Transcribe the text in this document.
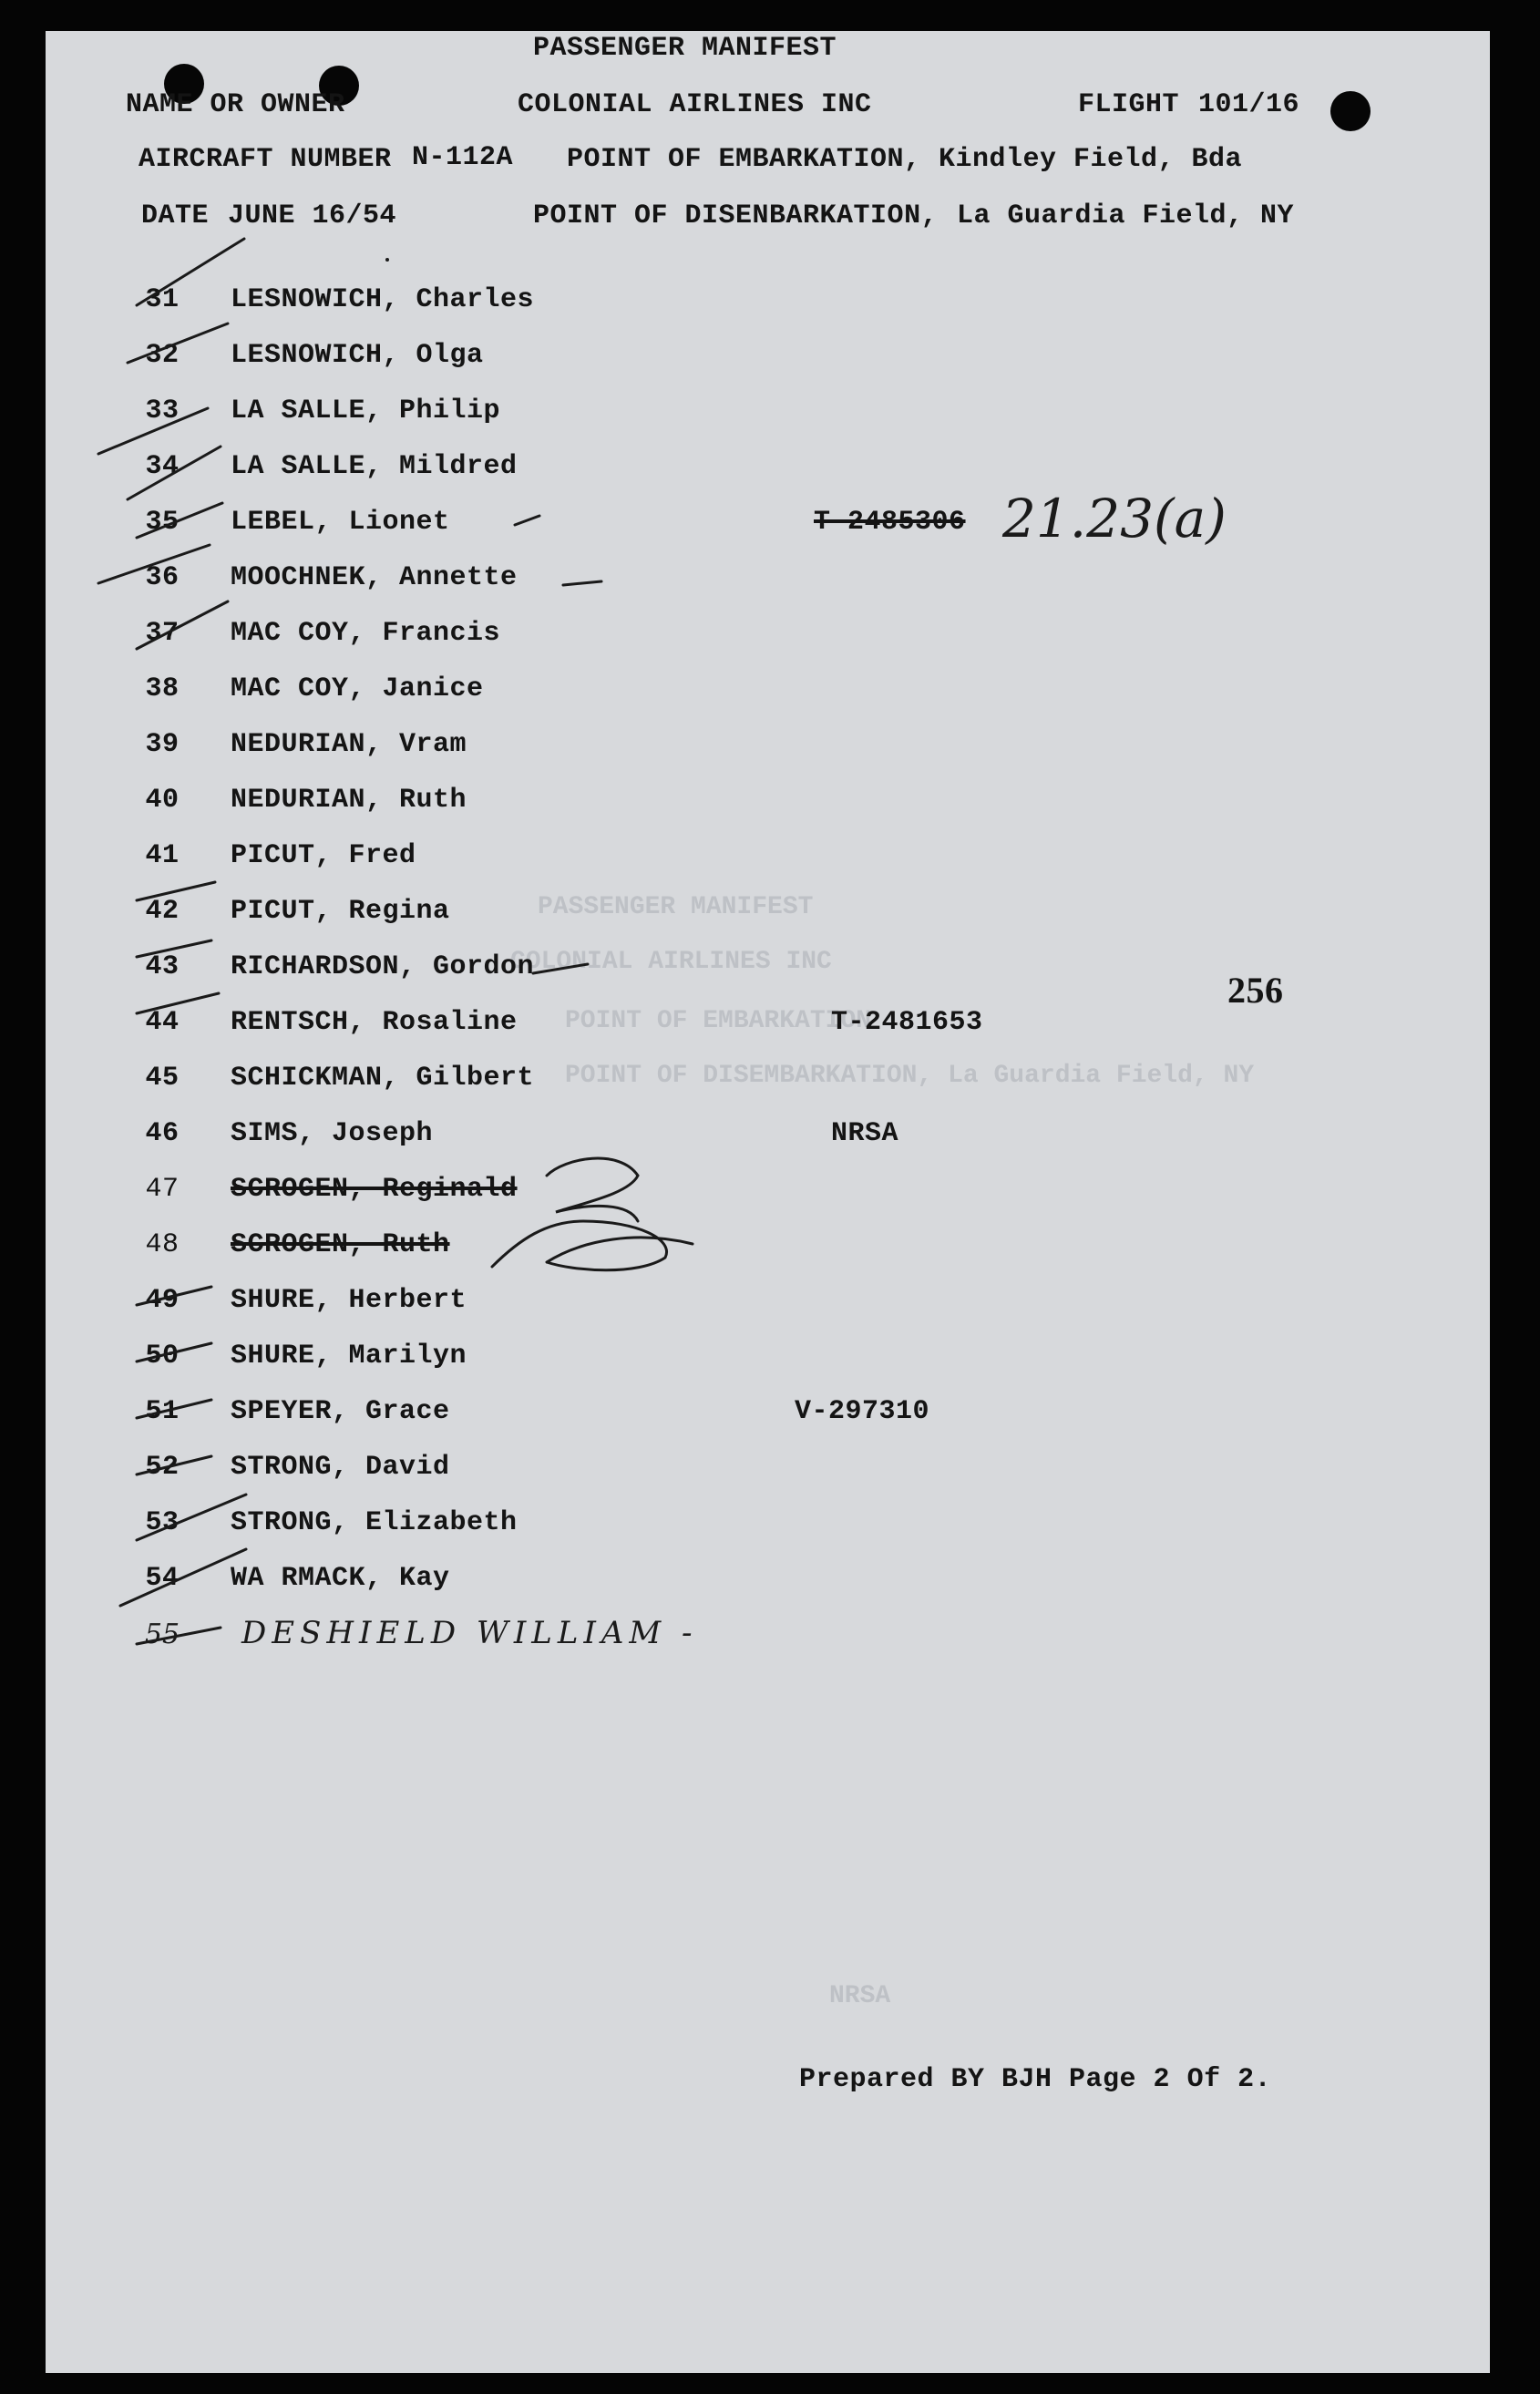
PASSENGER MANIFEST
COLONIAL AIRLINES INC
POINT OF EMBARKATION
POINT OF DISEMBARKATION, La Guardia Field, NY
NRSA
PASSENGER MANIFEST
NAME OR OWNER	COLONIAL AIRLINES INC	FLIGHT 101/16
AIRCRAFT NUMBER N-112A POINT OF EMBARKATION, Kindley Field, Bda
DATE JUNE 16/54	POINT OF DISENBARKATION, La Guardia Field, NY
31	LESNOWICH, Charles
32	LESNOWICH, Olga
33	LA SALLE, Philip
34	LA SALLE, Mildred
35	LEBEL, Lionet	T-2485306 21.23(a)
36	MOOCHNEK, Annette
37	MAC COY, Francis
38	MAC COY, Janice
39	NEDURIAN, Vram
40	NEDURIAN, Ruth
41	PICUT, Fred
42	PICUT, Regina
43	RICHARDSON, Gordon
44	RENTSCH, Rosaline	T-2481653
45	SCHICKMAN, Gilbert
46	SIMS, Joseph	NRSA
47	SCROGEN, Reginald
48	SCROGEN, Ruth
49	SHURE, Herbert
50	SHURE, Marilyn
51	SPEYER, Grace	V-297310
52	STRONG, David
53	STRONG, Elizabeth
54	WA RMACK, Kay
55	DESHIELD WILLIAM -
256
Prepared BY BJH Page 2 Of 2.
